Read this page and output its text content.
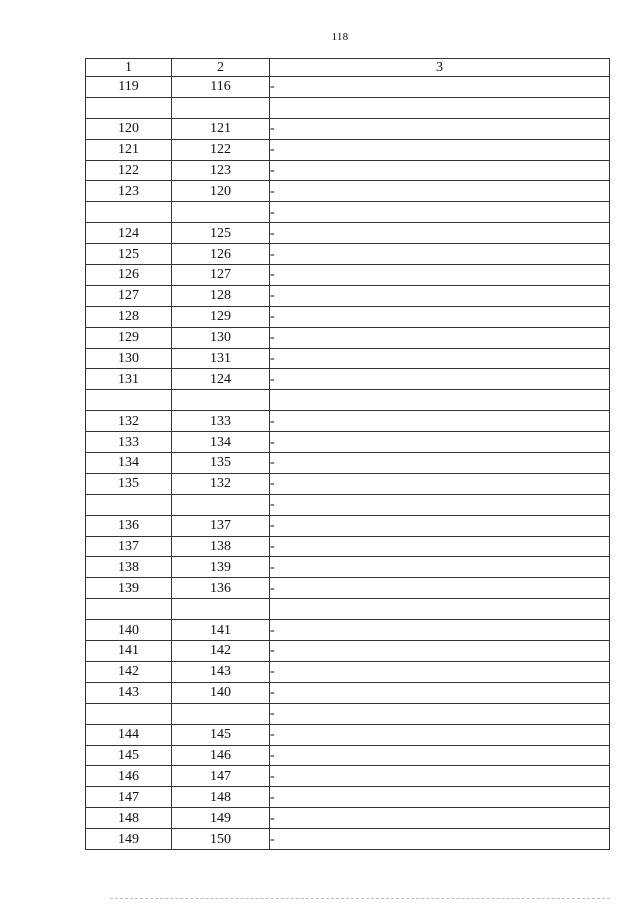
118
1	2	3
119	116	-

120	121	-
121	122	-
122	123	-
123	120	-
		-
124	125	-
125	126	-
126	127	-
127	128	-
128	129	-
129	130	-
130	131	-
131	124	-

132	133	-
133	134	-
134	135	-
135	132	-
		-
136	137	-
137	138	-
138	139	-
139	136	-

140	141	-
141	142	-
142	143	-
143	140	-
		-
144	145	-
145	146	-
146	147	-
147	148	-
148	149	-
149	150	-
